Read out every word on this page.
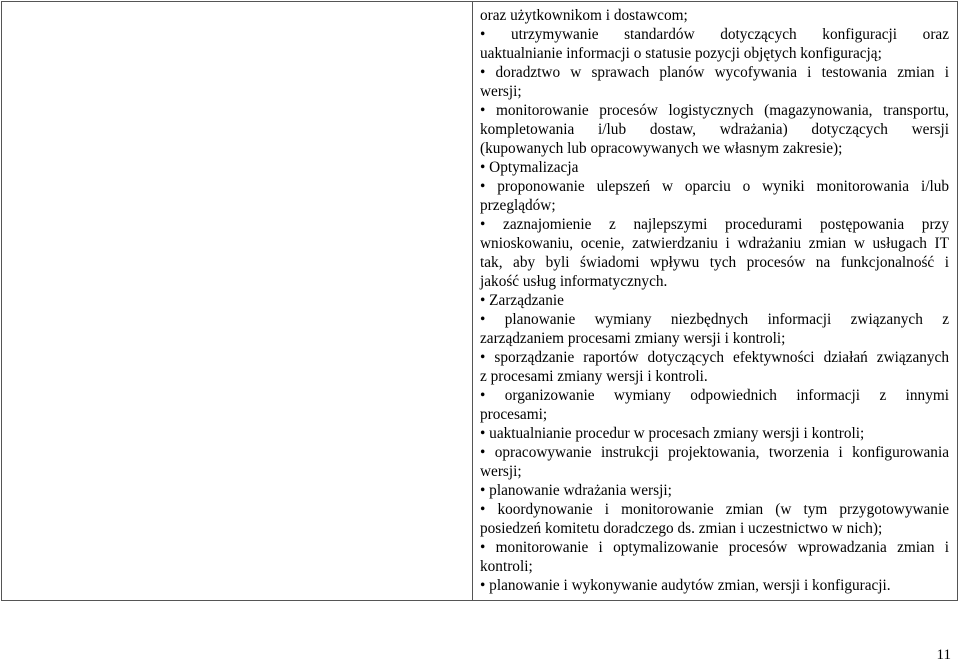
oraz użytkownikom i dostawcom;
• utrzymywanie standardów dotyczących konfiguracji oraz
uaktualnianie informacji o statusie pozycji objętych konfiguracją;
• doradztwo w sprawach planów wycofywania i testowania zmian i
wersji;
• monitorowanie procesów logistycznych (magazynowania, transportu,
kompletowania i/lub dostaw, wdrażania) dotyczących wersji
(kupowanych lub opracowywanych we własnym zakresie);
• Optymalizacja
• proponowanie ulepszeń w oparciu o wyniki monitorowania i/lub
przeglądów;
• zaznajomienie z najlepszymi procedurami postępowania przy
wnioskowaniu, ocenie, zatwierdzaniu i wdrażaniu zmian w usługach IT
tak, aby byli świadomi wpływu tych procesów na funkcjonalność i
jakość usług informatycznych.
• Zarządzanie
• planowanie wymiany niezbędnych informacji związanych z
zarządzaniem procesami zmiany wersji i kontroli;
• sporządzanie raportów dotyczących efektywności działań związanych
z procesami zmiany wersji i kontroli.
• organizowanie wymiany odpowiednich informacji z innymi
procesami;
• uaktualnianie procedur w procesach zmiany wersji i kontroli;
• opracowywanie instrukcji projektowania, tworzenia i konfigurowania
wersji;
• planowanie wdrażania wersji;
• koordynowanie i monitorowanie zmian (w tym przygotowywanie
posiedzeń komitetu doradczego ds. zmian i uczestnictwo w nich);
• monitorowanie i optymalizowanie procesów wprowadzania zmian i
kontroli;
• planowanie i wykonywanie audytów zmian, wersji i konfiguracji.
11
